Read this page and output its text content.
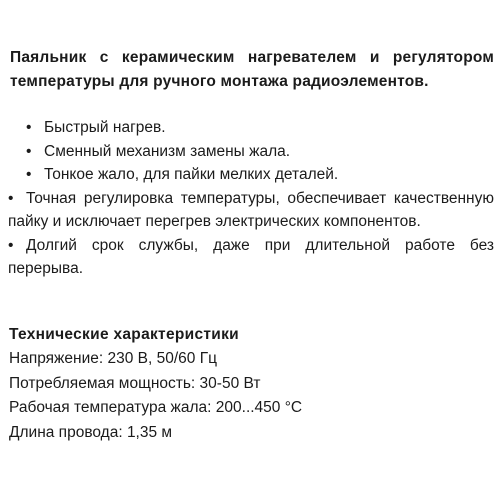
Паяльник с керамическим нагревателем и регулятором температуры для ручного монтажа радиоэлементов.
• Быстрый нагрев.
• Сменный механизм замены жала.
• Тонкое жало, для пайки мелких деталей.
• Точная регулировка температуры, обеспечивает качественную пайку и исключает перегрев электрических компонентов.
• Долгий срок службы, даже при длительной работе без перерыва.
Технические характеристики
Напряжение: 230 В, 50/60 Гц
Потребляемая мощность: 30-50 Вт
Рабочая температура жала: 200...450 °C
Длина провода: 1,35 м
